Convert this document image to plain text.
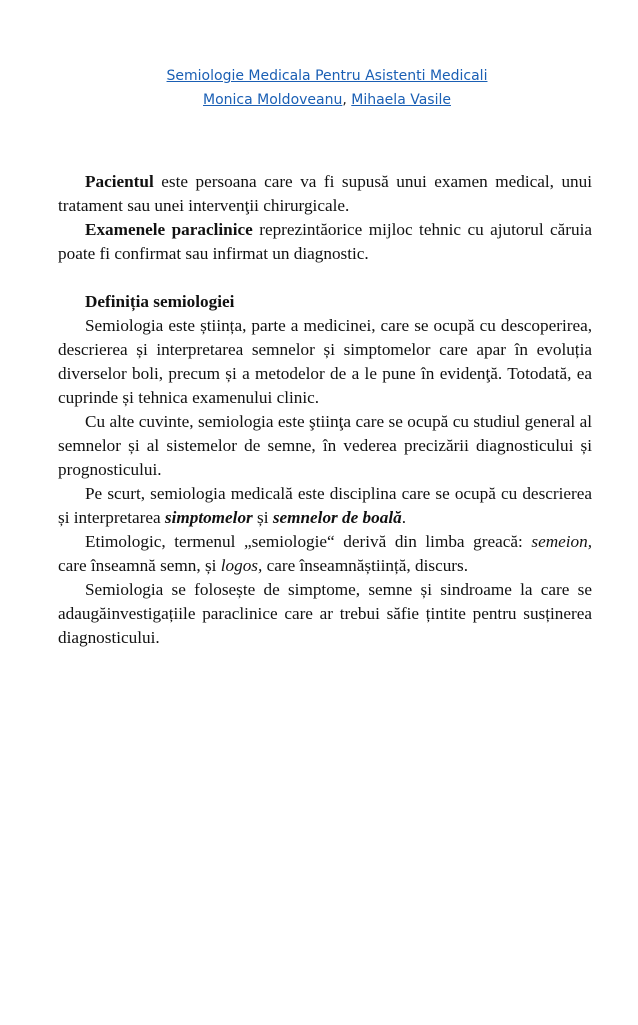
Semiologie Medicala Pentru Asistenti Medicali
Monica Moldoveanu, Mihaela Vasile

Pacientul este persoana care va fi supusă unui examen medical, unui tratament sau unei intervenţii chirurgicale.

Examenele paraclinice reprezintăorice mijloc tehnic cu ajutorul căruia poate fi confirmat sau infirmat un diagnostic.

Definiția semiologiei

Semiologia este știința, parte a medicinei, care se ocupă cu descoperirea, descrierea și interpretarea semnelor și simptomelor care apar în evoluția diverselor boli, precum și a metodelor de a le pune în evidenţă. Totodată, ea cuprinde și tehnica examenului clinic.

Cu alte cuvinte, semiologia este ştiinţa care se ocupă cu studiul general al semnelor și al sistemelor de semne, în vederea precizării diagnosticului și prognosticului.

Pe scurt, semiologia medicală este disciplina care se ocupă cu descrierea și interpretarea simptomelor și semnelor de boală.

Etimologic, termenul „semiologie“ derivă din limba greacă: semeion, care înseamnă semn, și logos, care înseamnăștiință, discurs.

Semiologia se folosește de simptome, semne și sindroame la care se adaugăinvestigațiile paraclinice care ar trebui săfie țintite pentru susținerea diagnosticului.
